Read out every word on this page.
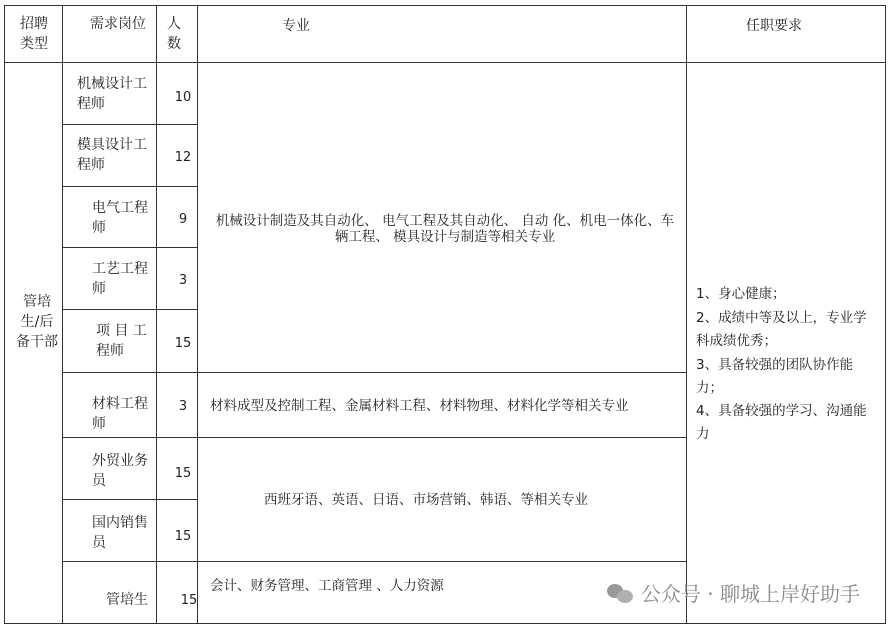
招聘类型
需求岗位 人数
专业	任职要求
管培生/后备干部
机械设计工程师
模具设计工程师
电气工程师
工艺工程师
项 目 工程师
材料工程师
外贸业务员
国内销售员
管培生
10
12
9
3
15
3
15
15
15
机械设计制造及其自动化、 电气工程及其自动化、 自动 化、机电一体化、车辆工程、 模具设计与制造等相关专业
材料成型及控制工程、金属材料工程、材料物理、材料化学等相关专业
西班牙语、英语、日语、市场营销、韩语、等相关专业
会计、财务管理、工商管理 、人力资源
1、身心健康；
2、成绩中等及以上，专业学科成绩优秀；
3、具备较强的团队协作能力；
4、具备较强的学习、沟通能力
公众号 · 聊城上岸好助手
